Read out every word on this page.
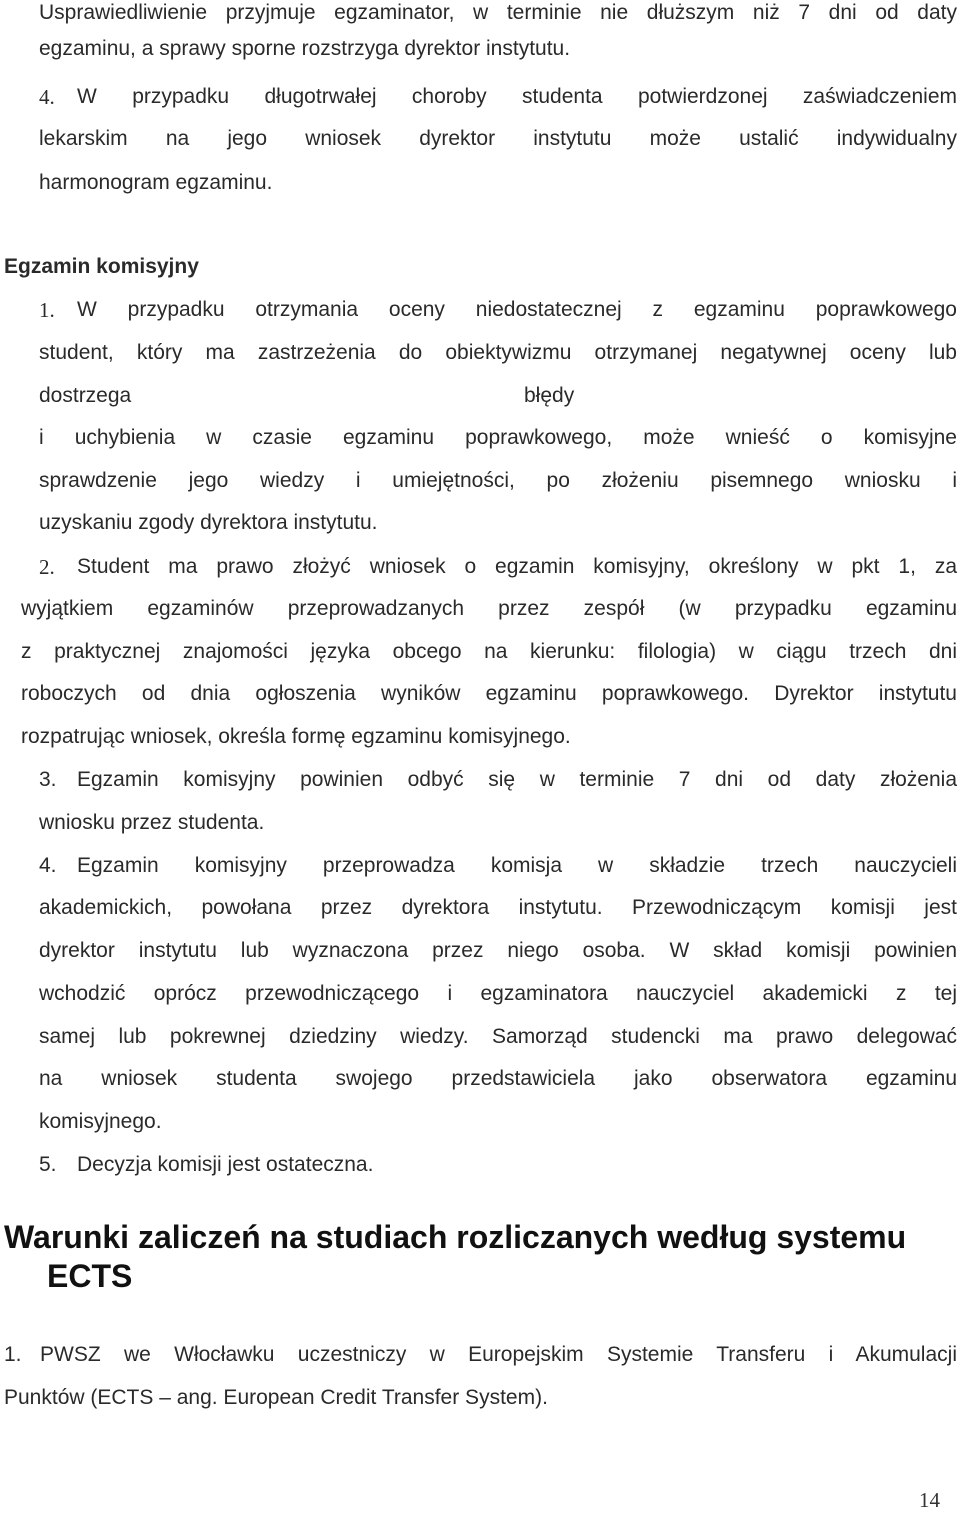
Usprawiedliwienie przyjmuje egzaminator, w terminie nie dłuższym niż 7 dni od daty
egzaminu, a sprawy sporne rozstrzyga dyrektor instytutu.
4. W przypadku długotrwałej choroby studenta potwierdzonej zaświadczeniem
lekarskim na jego wniosek dyrektor instytutu może ustalić indywidualny
harmonogram egzaminu.
Egzamin komisyjny
1. W przypadku otrzymania oceny niedostatecznej z egzaminu poprawkowego
student, który ma zastrzeżenia do obiektywizmu otrzymanej negatywnej oceny lub
dostrzega	błędy
i uchybienia w czasie egzaminu poprawkowego, może wnieść o komisyjne
sprawdzenie jego wiedzy i umiejętności, po złożeniu pisemnego wniosku i
uzyskaniu zgody dyrektora instytutu.
2. Student ma prawo złożyć wniosek o egzamin komisyjny, określony w pkt 1, za
wyjątkiem egzaminów przeprowadzanych przez zespół (w przypadku egzaminu
z praktycznej znajomości języka obcego na kierunku: filologia) w ciągu trzech dni
roboczych od dnia ogłoszenia wyników egzaminu poprawkowego. Dyrektor instytutu
rozpatrując wniosek, określa formę egzaminu komisyjnego.
3. Egzamin komisyjny powinien odbyć się w terminie 7 dni od daty złożenia
wniosku przez studenta.
4. Egzamin komisyjny przeprowadza komisja w składzie trzech nauczycieli
akademickich, powołana przez dyrektora instytutu. Przewodniczącym komisji jest
dyrektor instytutu lub wyznaczona przez niego osoba. W skład komisji powinien
wchodzić oprócz przewodniczącego i egzaminatora nauczyciel akademicki z tej
samej lub pokrewnej dziedziny wiedzy. Samorząd studencki ma prawo delegować
na wniosek studenta swojego przedstawiciela jako obserwatora egzaminu
komisyjnego.
5. Decyzja komisji jest ostateczna.
Warunki zaliczeń na studiach rozliczanych według systemu
ECTS
1. PWSZ we Włocławku uczestniczy w Europejskim Systemie Transferu i Akumulacji
Punktów (ECTS – ang. European Credit Transfer System).
14
